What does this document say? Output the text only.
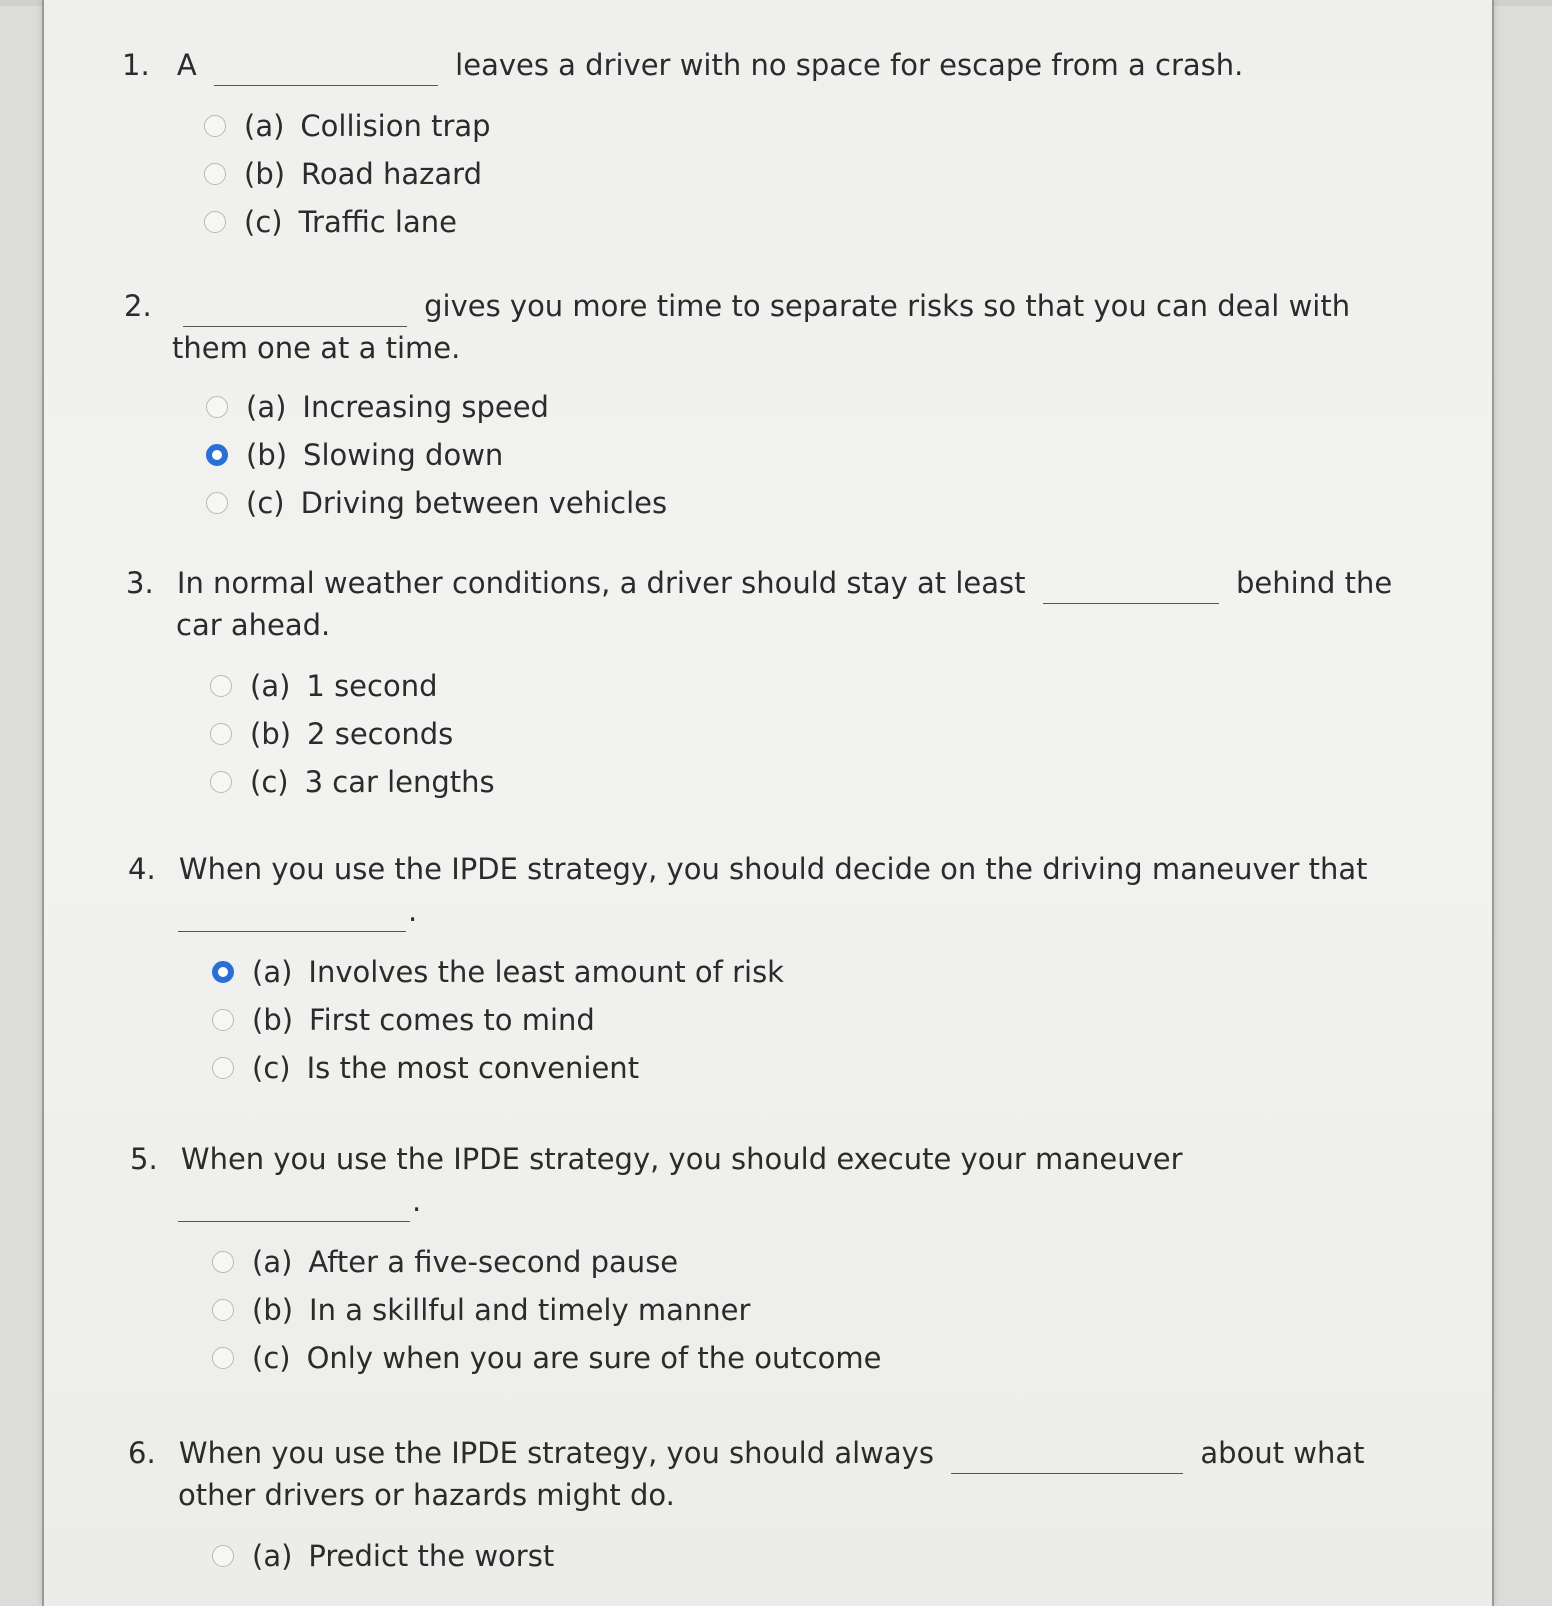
1. A	leaves a driver with no space for escape from a crash.
(a) Collision trap
(b) Road hazard
(c) Traffic lane
2.	gives you more time to separate risks so that you can deal with
them one at a time.
(a) Increasing speed
(b) Slowing down
(c) Driving between vehicles
3. In normal weather conditions, a driver should stay at least	behind the
car ahead.
(a) 1 second
(b) 2 seconds
(c) 3 car lengths
4. When you use the IPDE strategy, you should decide on the driving maneuver that
.
(a) Involves the least amount of risk
(b) First comes to mind
(c) Is the most convenient
5. When you use the IPDE strategy, you should execute your maneuver
.
(a) After a five-second pause
(b) In a skillful and timely manner
(c) Only when you are sure of the outcome
6. When you use the IPDE strategy, you should always	about what
other drivers or hazards might do.
(a) Predict the worst
